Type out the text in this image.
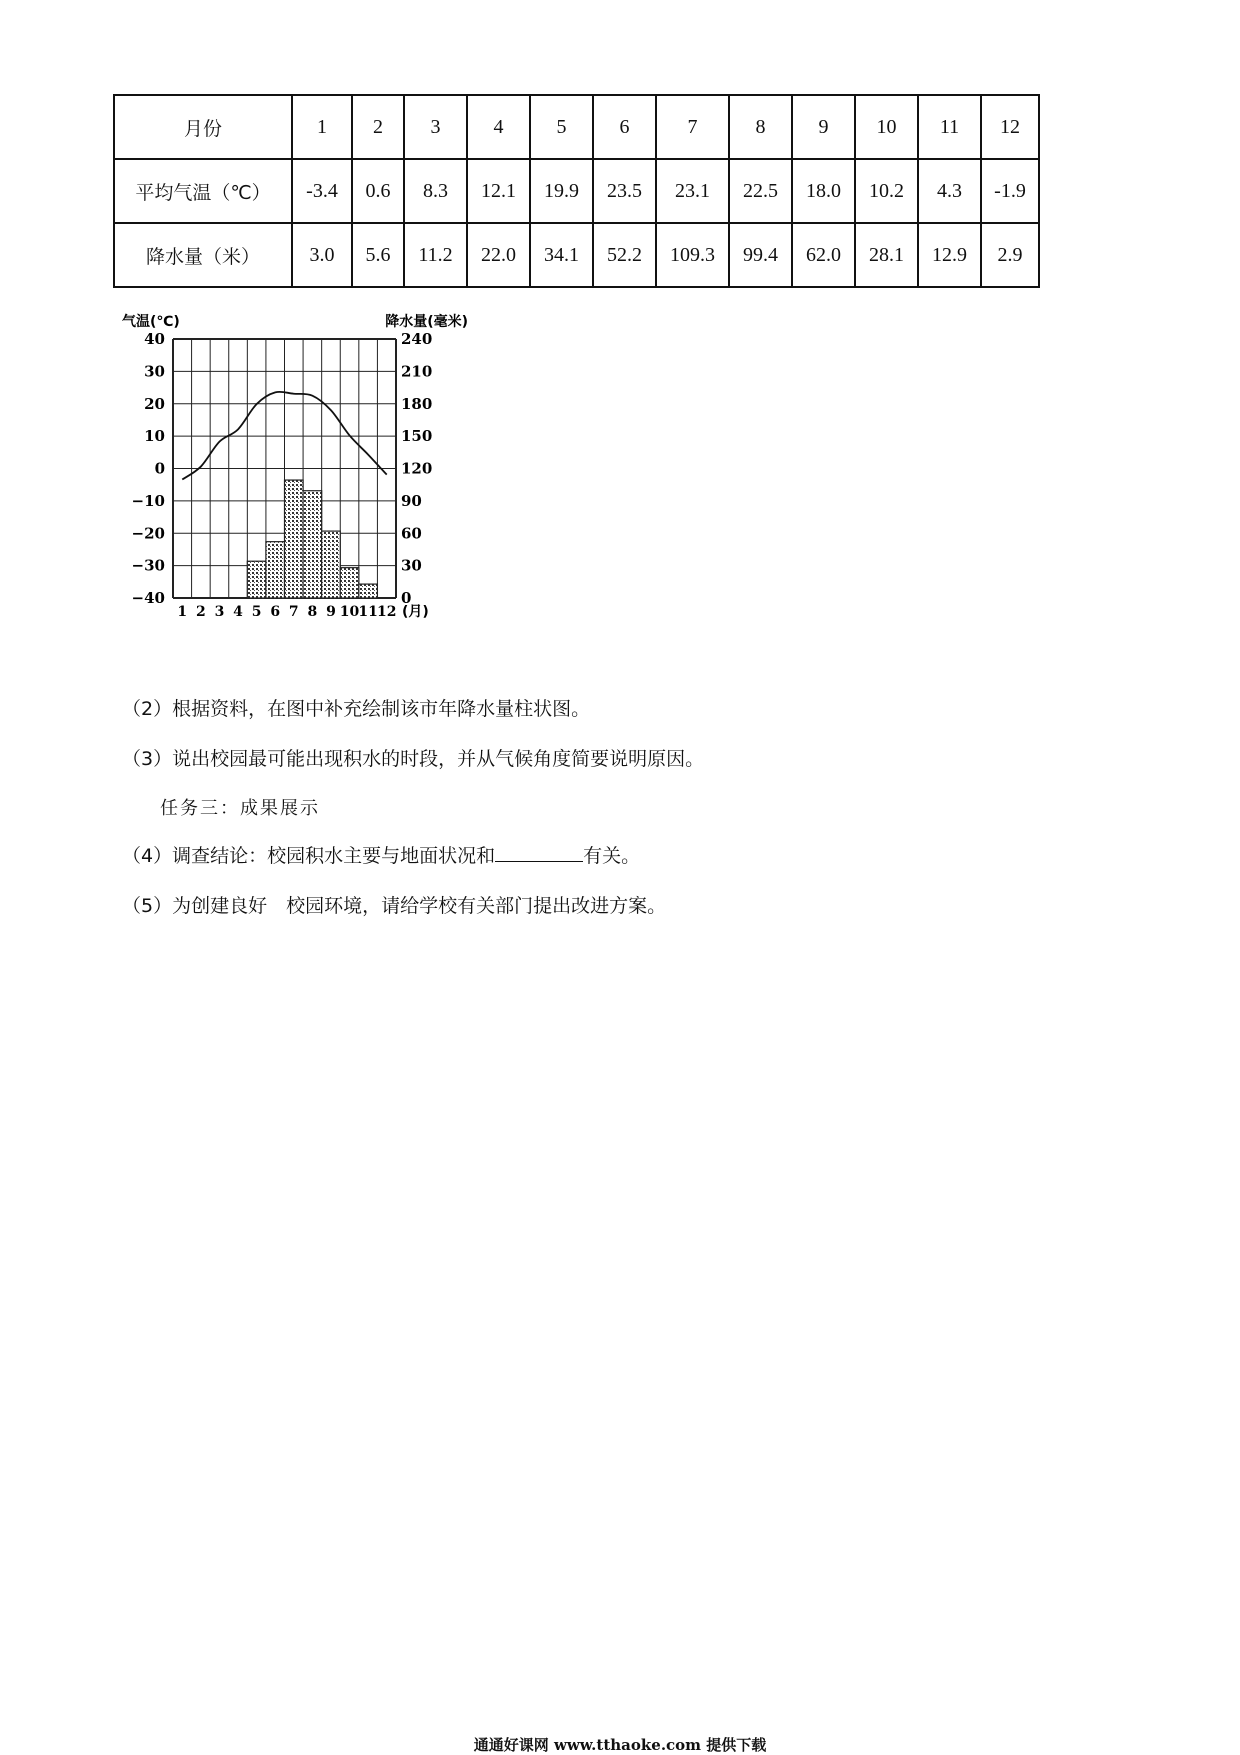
月份	1	2	3	4	5	6	7	8	9	10	11	12
平均气温（℃）	-3.4	0.6	8.3	12.1	19.9	23.5	23.1	22.5	18.0	10.2	4.3	-1.9
降水量（米）	3.0	5.6	11.2	22.0	34.1	52.2	109.3	99.4	62.0	28.1	12.9	2.9
40
30
20
10
0
−10
−20
−30
−40
240
210
180
150
120
90
60
30
0
1 2 3 4 5 6 7 8 9 10 11 12 (月)
气温(℃)	降水量(毫米)
（2）根据资料，在图中补充绘制该市年降水量柱状图。
（3）说出校园最可能出现积水的时段，并从气候角度简要说明原因。
任务三：成果展示
（4）调查结论：校园积水主要与地面状况和	有关。
（5）为创建良好　校园环境，请给学校有关部门提出改进方案。
通通好课网 www.tthaoke.com 提供下载
